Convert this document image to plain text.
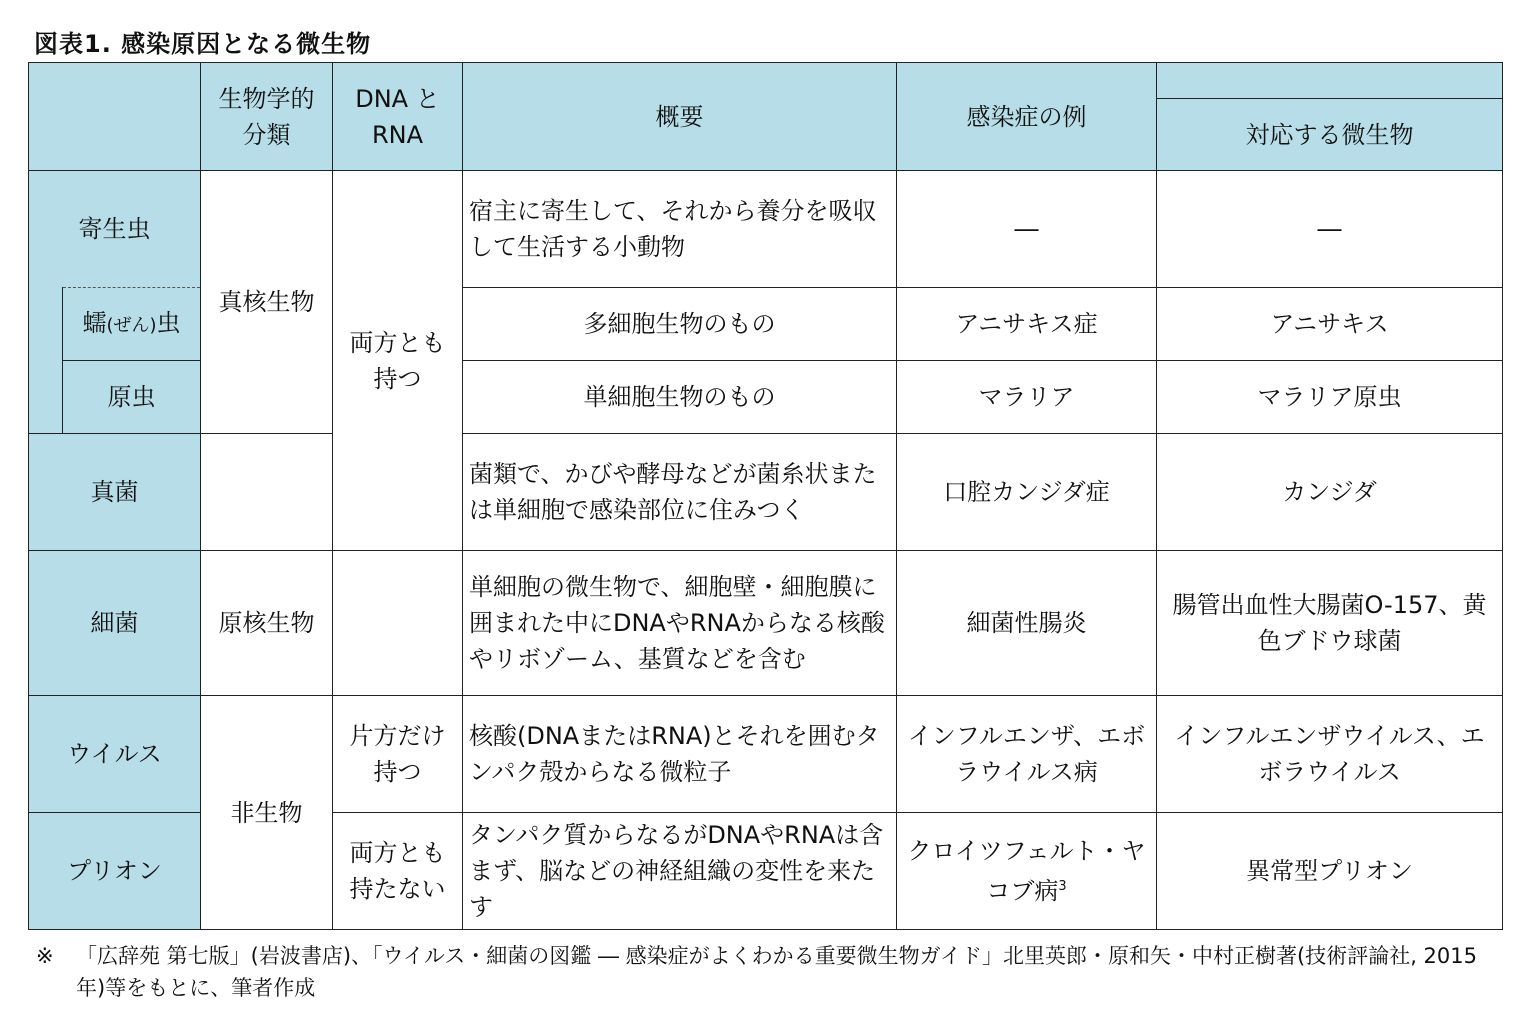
図表1. 感染原因となる微生物
		生物学的分類	DNA と RNA	概要	感染症の例	
						対応する微生物
寄生虫		真核生物	両方とも持つ	宿主に寄生して、それから養分を吸収して生活する小動物	―	―
	蠕(ぜん)虫			多細胞生物のもの	アニサキス症	アニサキス
	原虫			単細胞生物のもの	マラリア	マラリア原虫
真菌				菌類で、かびや酵母などが菌糸状または単細胞で感染部位に住みつく	口腔カンジダ症	カンジダ
細菌		原核生物		単細胞の微生物で、細胞壁・細胞膜に囲まれた中にDNAやRNAからなる核酸やリボゾーム、基質などを含む	細菌性腸炎	腸管出血性大腸菌O-157、黄色ブドウ球菌
ウイルス		非生物	片方だけ持つ	核酸(DNAまたはRNA)とそれを囲むタンパク殻からなる微粒子	インフルエンザ、エボラウイルス病	インフルエンザウイルス、エボラウイルス
プリオン			両方とも持たない	タンパク質からなるがDNAやRNAは含まず、脳などの神経組織の変性を来たす	クロイツフェルト・ヤコブ病$^3$	異常型プリオン
※ 「広辞苑 第七版」(岩波書店)、「ウイルス・細菌の図鑑 ― 感染症がよくわかる重要微生物ガイド」北里英郎・原和矢・中村正樹著(技術評論社, 2015年)等をもとに、筆者作成
